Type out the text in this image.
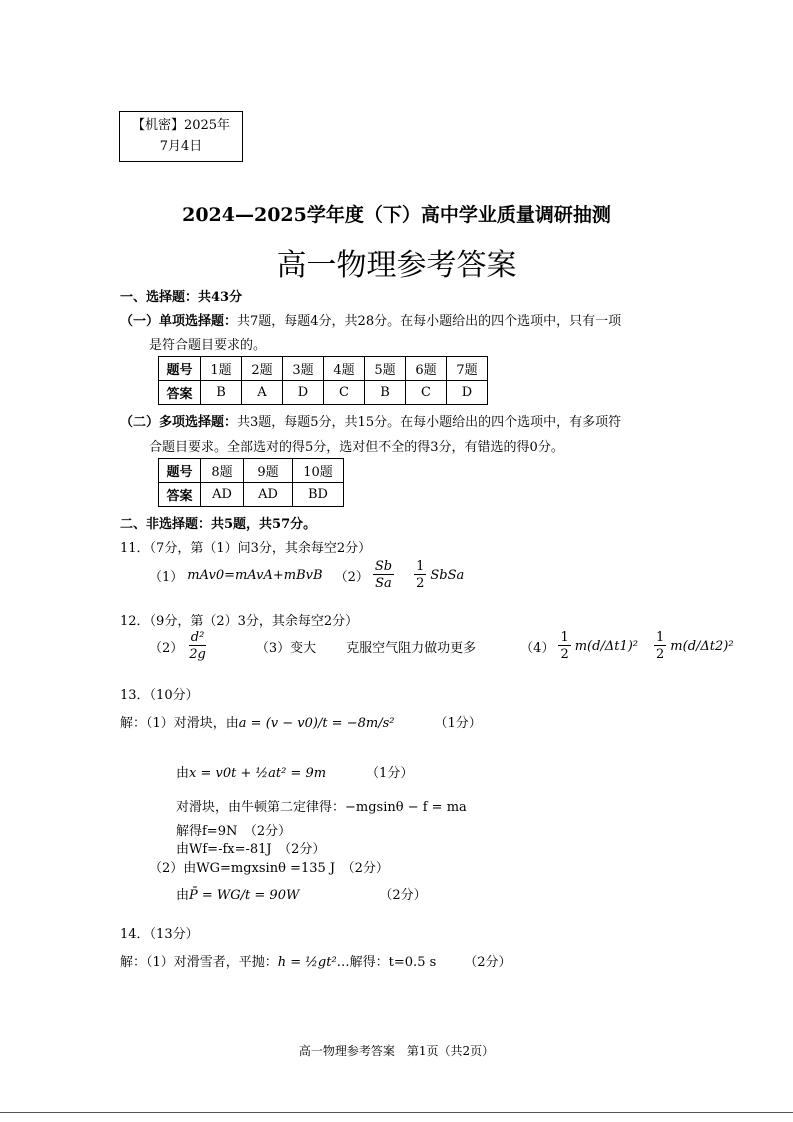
【机密】2025年
7月4日
2024—2025学年度（下）高中学业质量调研抽测
高一物理参考答案
一、选择题：共43分
（一）单项选择题：共7题，每题4分，共28分。在每小题给出的四个选项中，只有一项
是符合题目要求的。
题号	1题	2题	3题	4题	5题	6题	7题
答案	B	A	D	C	B	C	D
（二）多项选择题：共3题，每题5分，共15分。在每小题给出的四个选项中，有多项符
合题目要求。全部选对的得5分，选对但不全的得3分，有错选的得0分。
题号	8题	9题	10题
答案	AD	AD	BD
二、非选择题：共5题，共57分。
11．（7分，第（1）问3分，其余每空2分）
（1） mAv0=mAvA+mBvB $(2) \frac{Sb}{Sa} \frac{1}{2}$ SbSa
12．（9分，第（2）3分，其余每空2分）
$(2) \frac{\text{d²}}{2g}$	（3）变大 克服空气阻力做功更多	$(4) \frac{1}{2} m(d/\Delta t1)^2 \frac{1}{2} m(d/\Delta t2)^2$
13．（10分）
解：（1）对滑块，由a = (v − v0)/t = −8m/s²	（1分）
由x = v0t + ½at² = 9m	（1分）
对滑块，由牛顿第二定律得：−mgsinθ − f = ma
解得f=9N　（2分）
由Wf=-fx=-81J　（2分）
（2）由WG=mgxsinθ =135 J　（2分）
由P̄ = WG/t = 90W	（2分）
14．（13分）
解：（1）对滑雪者，平抛：h = ½gt²…解得：t=0.5 s （2分）
高一物理参考答案　第1页（共2页）
